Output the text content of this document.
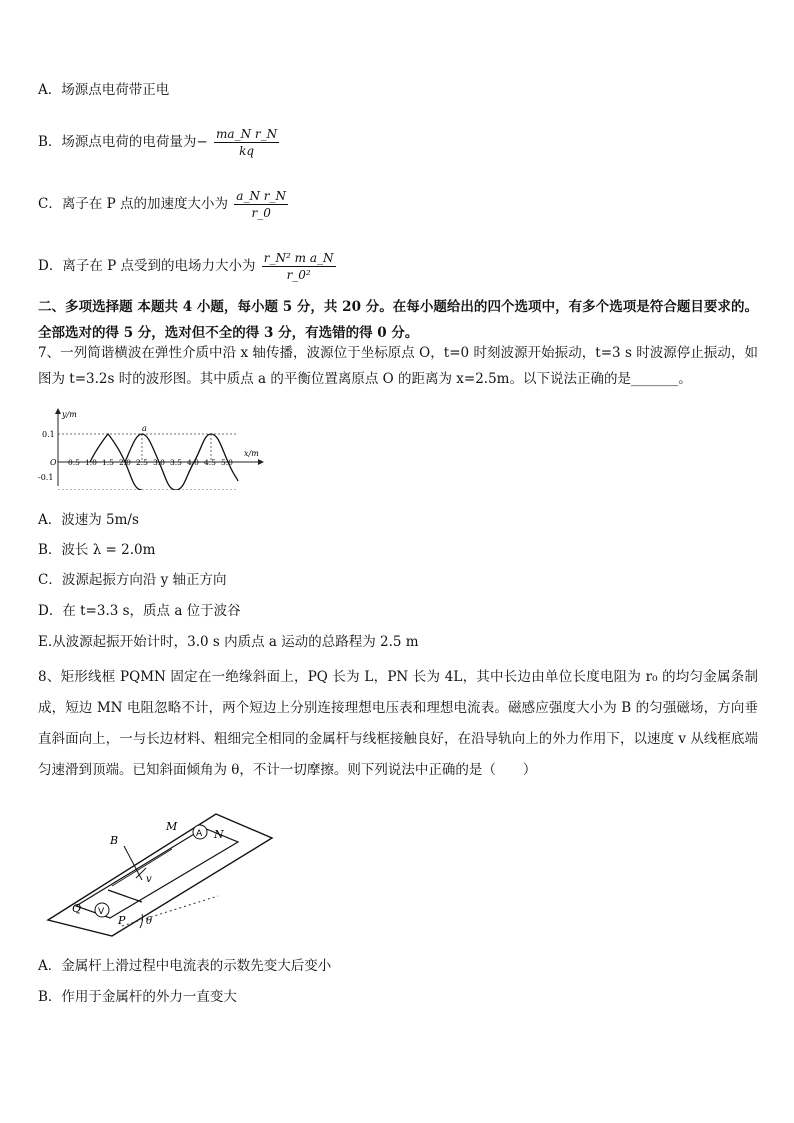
A．场源点电荷带正电
B．场源点电荷的电荷量为− $\frac{\text{ma\_N r\_N}}{kq}$
C．离子在 P 点的加速度大小为 $\frac{\text{a\_N r\_N}}{r\_0}$
D．离子在 P 点受到的电场力大小为 $\frac{\text{r\_N² m a\_N}}{\text{r\_0²}}$
二、多项选择题 本题共 4 小题，每小题 5 分，共 20 分。在每小题给出的四个选项中，有多个选项是符合题目要求的。全部选对的得 5 分，选对但不全的得 3 分，有选错的得 0 分。
7、一列简谐横波在弹性介质中沿 x 轴传播，波源位于坐标原点 O，t=0 时刻波源开始振动，t=3 s 时波源停止振动，如图为 t=3.2s 时的波形图。其中质点 a 的平衡位置离原点 O 的距离为 x=2.5m。以下说法正确的是_______。
y/m
x/m
0.1
-0.1
O
a
0.5 1.0 1.5 2.0 2.5 3.0 3.5 4.0 4.5 5.0
A．波速为 5m/s
B．波长 λ = 2.0m
C．波源起振方向沿 y 轴正方向
D．在 t=3.3 s，质点 a 位于波谷
E.从波源起振开始计时，3.0 s 内质点 a 运动的总路程为 2.5 m
8、矩形线框 PQMN 固定在一绝缘斜面上，PQ 长为 L，PN 长为 4L，其中长边由单位长度电阻为 r₀ 的均匀金属条制成，短边 MN 电阻忽略不计，两个短边上分别连接理想电压表和理想电流表。磁感应强度大小为 B 的匀强磁场，方向垂直斜面向上，一与长边材料、粗细完全相同的金属杆与线框接触良好，在沿导轨向上的外力作用下，以速度 v 从线框底端匀速滑到顶端。已知斜面倾角为 θ，不计一切摩擦。则下列说法中正确的是（　　）
B
v
A
M
N
V
Q
P θ
A．金属杆上滑过程中电流表的示数先变大后变小
B．作用于金属杆的外力一直变大
